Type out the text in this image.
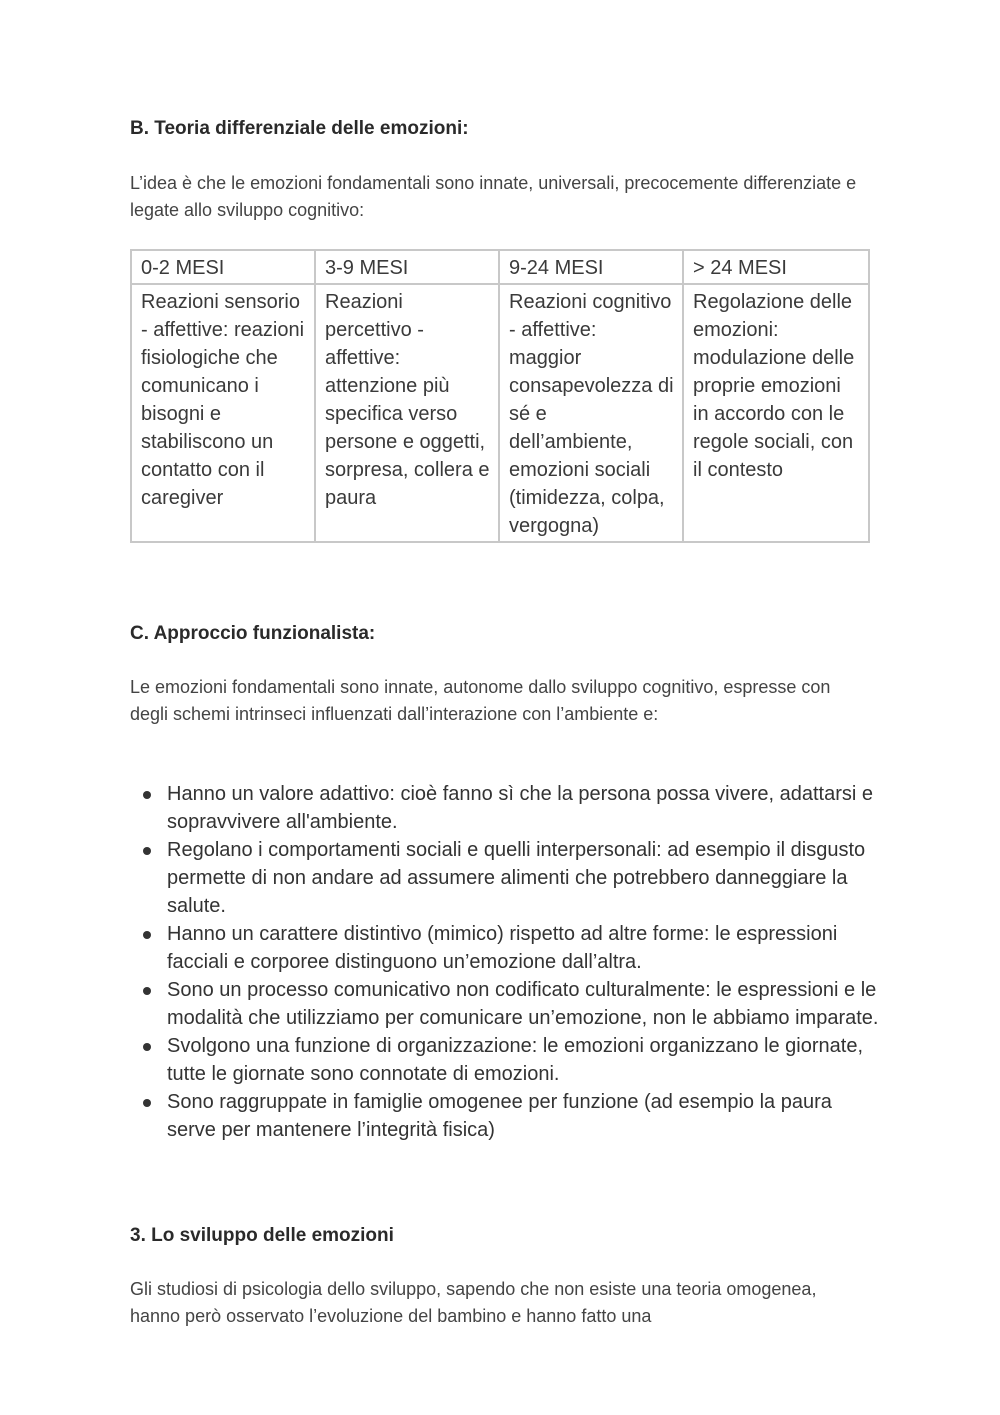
B. Teoria differenziale delle emozioni:
L’idea è che le emozioni fondamentali sono innate, universali, precocemente differenziate e legate allo sviluppo cognitivo:
0-2 MESI	3-9 MESI	9-24 MESI	> 24 MESI
Reazioni sensorio - affettive: reazioni fisiologiche che comunicano i bisogni e stabiliscono un contatto con il caregiver	Reazioni percettivo - affettive: attenzione più specifica verso persone e oggetti, sorpresa, collera e paura	Reazioni cognitivo - affettive: maggior consapevolezza di sé e dell’ambiente, emozioni sociali (timidezza, colpa, vergogna)	Regolazione delle emozioni: modulazione delle proprie emozioni in accordo con le regole sociali, con il contesto
C. Approccio funzionalista:
Le emozioni fondamentali sono innate, autonome dallo sviluppo cognitivo, espresse con degli schemi intrinseci influenzati dall’interazione con l’ambiente e:
Hanno un valore adattivo: cioè fanno sì che la persona possa vivere, adattarsi e sopravvivere all'ambiente.
Regolano i comportamenti sociali e quelli interpersonali: ad esempio il disgusto permette di non andare ad assumere alimenti che potrebbero danneggiare la salute.
Hanno un carattere distintivo (mimico) rispetto ad altre forme: le espressioni facciali e corporee distinguono un’emozione dall’altra.
Sono un processo comunicativo non codificato culturalmente: le espressioni e le modalità che utilizziamo per comunicare un’emozione, non le abbiamo imparate.
Svolgono una funzione di organizzazione: le emozioni organizzano le giornate, tutte le giornate sono connotate di emozioni.
Sono raggruppate in famiglie omogenee per funzione (ad esempio la paura serve per mantenere l’integrità fisica)
3. Lo sviluppo delle emozioni
Gli studiosi di psicologia dello sviluppo, sapendo che non esiste una teoria omogenea, hanno però osservato l’evoluzione del bambino e hanno fatto una
